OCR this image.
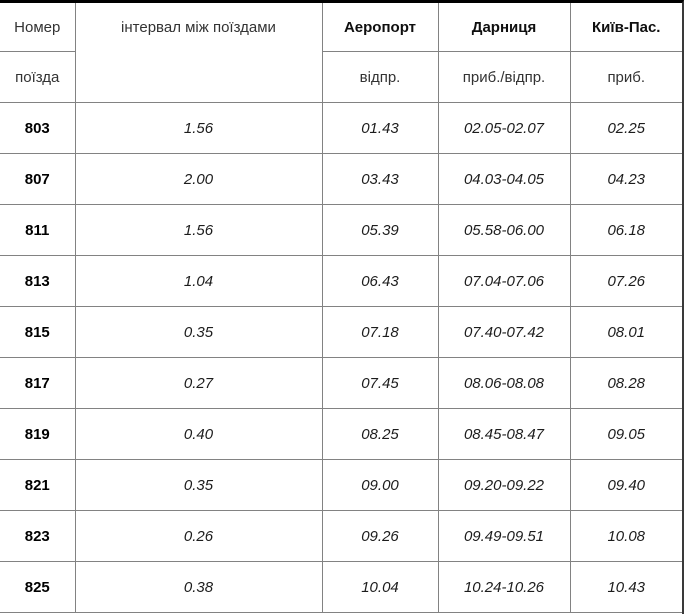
Номер	інтервал між поїздами	Аеропорт	Дарниця	Київ-Пас.
поїзда		відпр.	приб./відпр.	приб.
803	1.56	01.43	02.05-02.07	02.25
807	2.00	03.43	04.03-04.05	04.23
811	1.56	05.39	05.58-06.00	06.18
813	1.04	06.43	07.04-07.06	07.26
815	0.35	07.18	07.40-07.42	08.01
817	0.27	07.45	08.06-08.08	08.28
819	0.40	08.25	08.45-08.47	09.05
821	0.35	09.00	09.20-09.22	09.40
823	0.26	09.26	09.49-09.51	10.08
825	0.38	10.04	10.24-10.26	10.43
